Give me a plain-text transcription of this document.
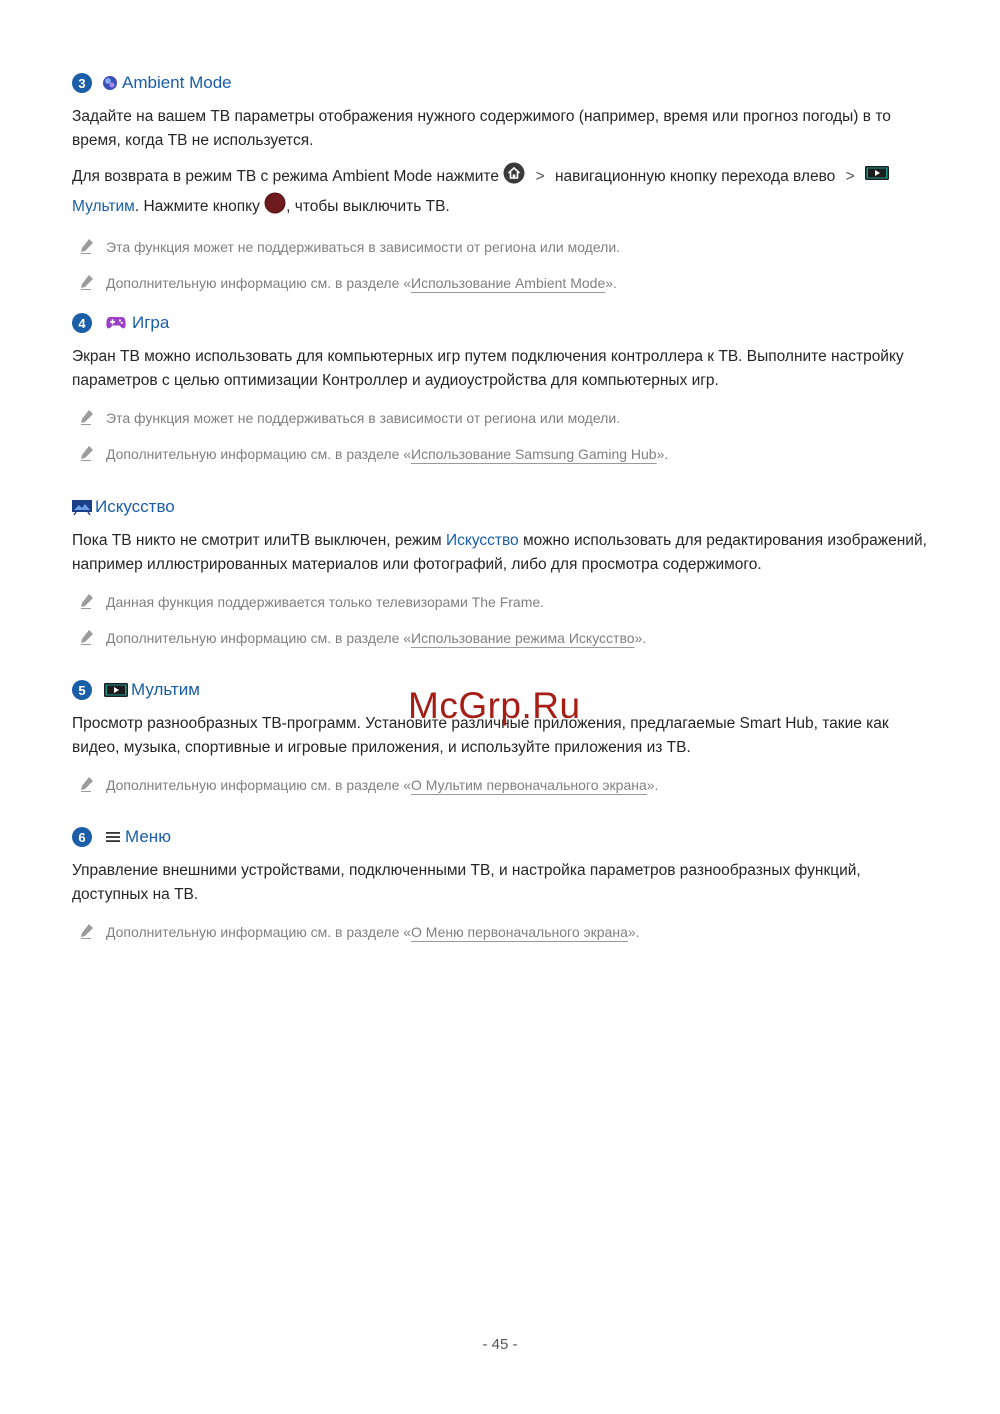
3	Ambient Mode

Задайте на вашем ТВ параметры отображения нужного содержимого (например, время или прогноз погоды) в то время, когда ТВ не используется.

Для возврата в режим ТВ с режима Ambient Mode нажмите > навигационную кнопку перехода влево >
Мультим. Нажмите кнопку , чтобы выключить ТВ.

Эта функция может не поддерживаться в зависимости от региона или модели.
Дополнительную информацию см. в разделе «Использование Ambient Mode».
4	Игра

Экран ТВ можно использовать для компьютерных игр путем подключения контроллера к ТВ. Выполните настройку параметров с целью оптимизации Контроллер и аудиоустройства для компьютерных игр.

Эта функция может не поддерживаться в зависимости от региона или модели.
Дополнительную информацию см. в разделе «Использование Samsung Gaming Hub».
Искусство

Пока ТВ никто не смотрит илиТВ выключен, режим Искусство можно использовать для редактирования изображений, например иллюстрированных материалов или фотографий, либо для просмотра содержимого.

Данная функция поддерживается только телевизорами The Frame.
Дополнительную информацию см. в разделе «Использование режима Искусство».
5	Мультим

Просмотр разнообразных ТВ-программ. Установите различные приложения, предлагаемые Smart Hub, такие как видео, музыка, спортивные и игровые приложения, и используйте приложения из ТВ.

Дополнительную информацию см. в разделе «О Мультим первоначального экрана».
6	Меню

Управление внешними устройствами, подключенными ТВ, и настройка параметров разнообразных функций, доступных на ТВ.

Дополнительную информацию см. в разделе «О Меню первоначального экрана».
McGrp.Ru
- 45 -
